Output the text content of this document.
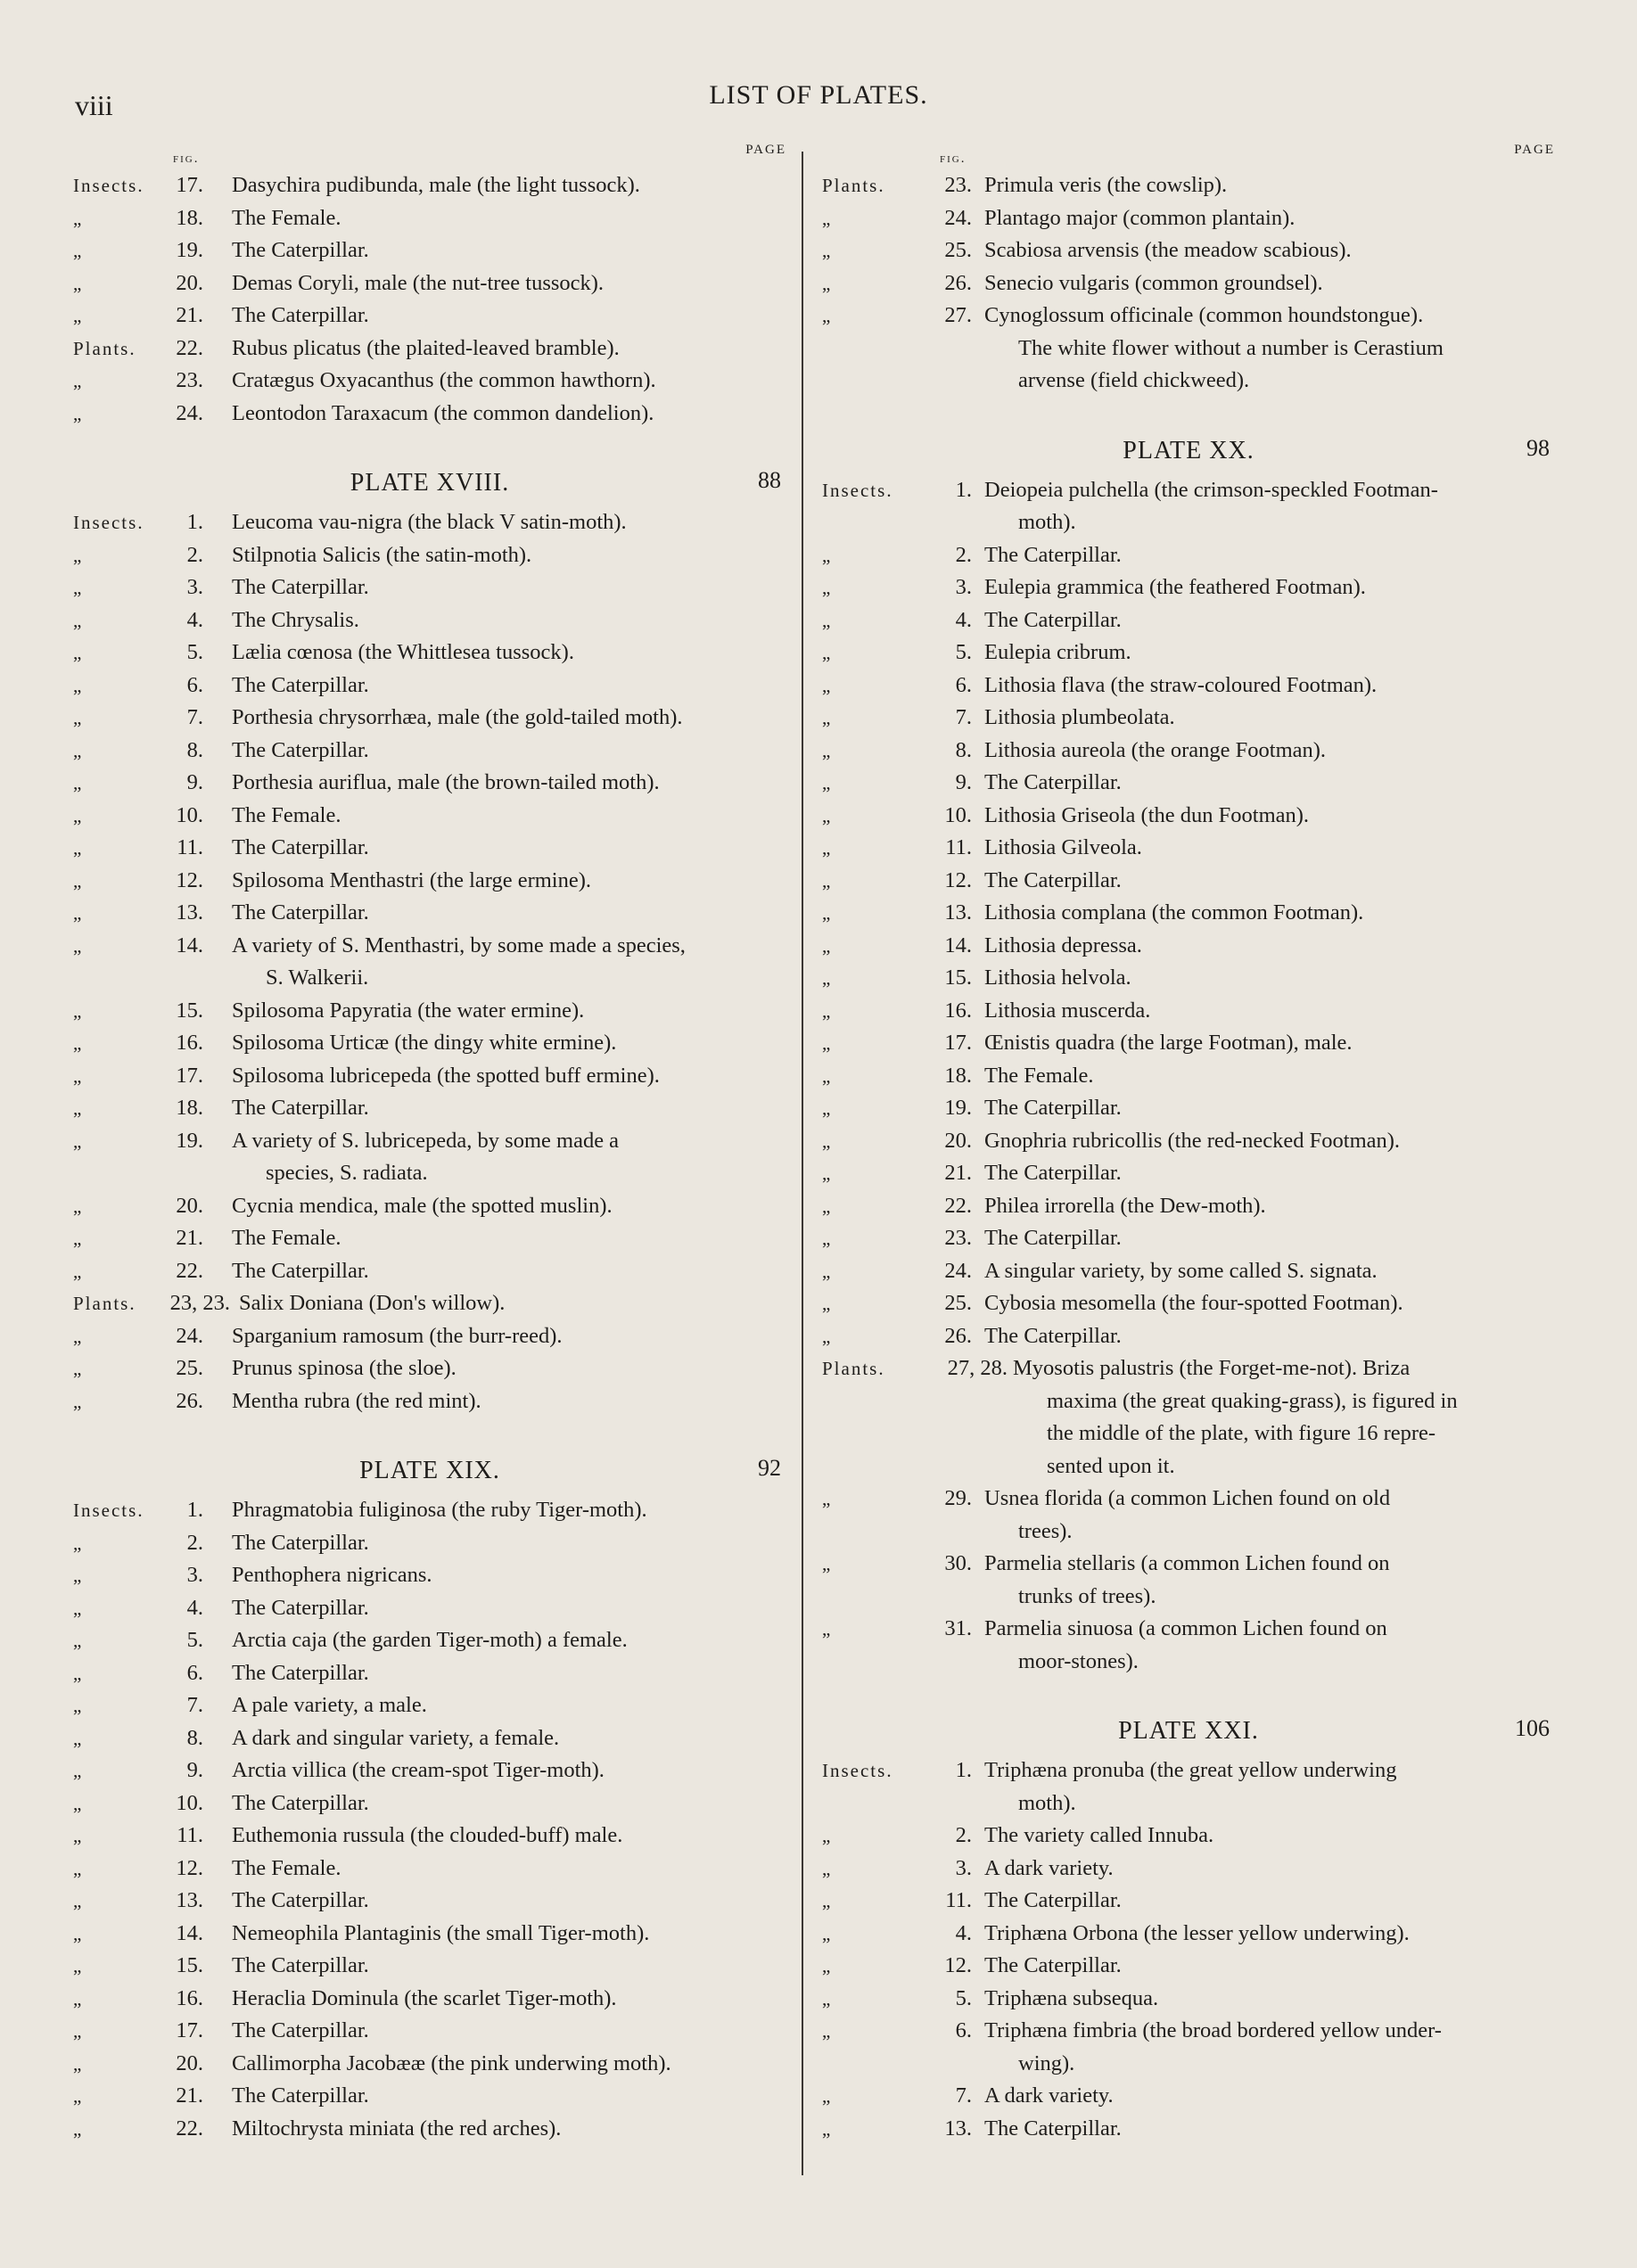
viii	LIST OF PLATES.
fig.
PAGE
Insects.	17.	Dasychira pudibunda, male (the light tussock).
„	18.	The Female.
„	19.	The Caterpillar.
„	20.	Demas Coryli, male (the nut-tree tussock).
„	21.	The Caterpillar.
Plants.	22.	Rubus plicatus (the plaited-leaved bramble).
„	23.	Cratægus Oxyacanthus (the common hawthorn).
„	24.	Leontodon Taraxacum (the common dandelion).
PLATE XVIII.	88
Insects.	1.	Leucoma vau-nigra (the black V satin-moth).
„	2.	Stilpnotia Salicis (the satin-moth).
„	3.	The Caterpillar.
„	4.	The Chrysalis.
„	5.	Lælia cœnosa (the Whittlesea tussock).
„	6.	The Caterpillar.
„	7.	Porthesia chrysorrhæa, male (the gold-tailed moth).
„	8.	The Caterpillar.
„	9.	Porthesia auriflua, male (the brown-tailed moth).
„	10.	The Female.
„	11.	The Caterpillar.
„	12.	Spilosoma Menthastri (the large ermine).
„	13.	The Caterpillar.
„	14.	A variety of S. Menthastri, by some made a species,
S. Walkerii.
„	15.	Spilosoma Papyratia (the water ermine).
„	16.	Spilosoma Urticæ (the dingy white ermine).
„	17.	Spilosoma lubricepeda (the spotted buff ermine).
„	18.	The Caterpillar.
„	19.	A variety of S. lubricepeda, by some made a
species, S. radiata.
„	20.	Cycnia mendica, male (the spotted muslin).
„	21.	The Female.
„	22.	The Caterpillar.
Plants.	23, 23. Salix Doniana (Don's willow).
„	24.	Sparganium ramosum (the burr-reed).
„	25.	Prunus spinosa (the sloe).
„	26.	Mentha rubra (the red mint).
PLATE XIX.	92
Insects.	1.	Phragmatobia fuliginosa (the ruby Tiger-moth).
„	2.	The Caterpillar.
„	3.	Penthophera nigricans.
„	4.	The Caterpillar.
„	5.	Arctia caja (the garden Tiger-moth) a female.
„	6.	The Caterpillar.
„	7.	A pale variety, a male.
„	8.	A dark and singular variety, a female.
„	9.	Arctia villica (the cream-spot Tiger-moth).
„	10.	The Caterpillar.
„	11.	Euthemonia russula (the clouded-buff) male.
„	12.	The Female.
„	13.	The Caterpillar.
„	14.	Nemeophila Plantaginis (the small Tiger-moth).
„	15.	The Caterpillar.
„	16.	Heraclia Dominula (the scarlet Tiger-moth).
„	17.	The Caterpillar.
„	20.	Callimorpha Jacobææ (the pink underwing moth).
„	21.	The Caterpillar.
„	22.	Miltochrysta miniata (the red arches).
fig.
PAGE
Plants.	23. Primula veris (the cowslip).
„	24. Plantago major (common plantain).
„	25. Scabiosa arvensis (the meadow scabious).
„	26. Senecio vulgaris (common groundsel).
„	27. Cynoglossum officinale (common houndstongue).
The white flower without a number is Cerastium
arvense (field chickweed).
PLATE XX.	98
Insects.	1. Deiopeia pulchella (the crimson-speckled Footman-
moth).
„	2. The Caterpillar.
„	3. Eulepia grammica (the feathered Footman).
„	4. The Caterpillar.
„	5. Eulepia cribrum.
„	6. Lithosia flava (the straw-coloured Footman).
„	7. Lithosia plumbeolata.
„	8. Lithosia aureola (the orange Footman).
„	9. The Caterpillar.
„	10. Lithosia Griseola (the dun Footman).
„	11. Lithosia Gilveola.
„	12. The Caterpillar.
„	13. Lithosia complana (the common Footman).
„	14. Lithosia depressa.
„	15. Lithosia helvola.
„	16. Lithosia muscerda.
„	17. Œnistis quadra (the large Footman), male.
„	18. The Female.
„	19. The Caterpillar.
„	20. Gnophria rubricollis (the red-necked Footman).
„	21. The Caterpillar.
„	22. Philea irrorella (the Dew-moth).
„	23. The Caterpillar.
„	24. A singular variety, by some called S. signata.
„	25. Cybosia mesomella (the four-spotted Footman).
„	26. The Caterpillar.
Plants.	27, 28. Myosotis palustris (the Forget-me-not). Briza
maxima (the great quaking-grass), is figured in
the middle of the plate, with figure 16 repre-
sented upon it.
„	29. Usnea florida (a common Lichen found on old
trees).
„	30. Parmelia stellaris (a common Lichen found on
trunks of trees).
„	31. Parmelia sinuosa (a common Lichen found on
moor-stones).
PLATE XXI.	106
Insects.	1. Triphæna pronuba (the great yellow underwing
moth).
„	2. The variety called Innuba.
„	3. A dark variety.
„	11. The Caterpillar.
„	4. Triphæna Orbona (the lesser yellow underwing).
„	12. The Caterpillar.
„	5. Triphæna subsequa.
„	6. Triphæna fimbria (the broad bordered yellow under-
wing).
„	7. A dark variety.
„	13. The Caterpillar.
